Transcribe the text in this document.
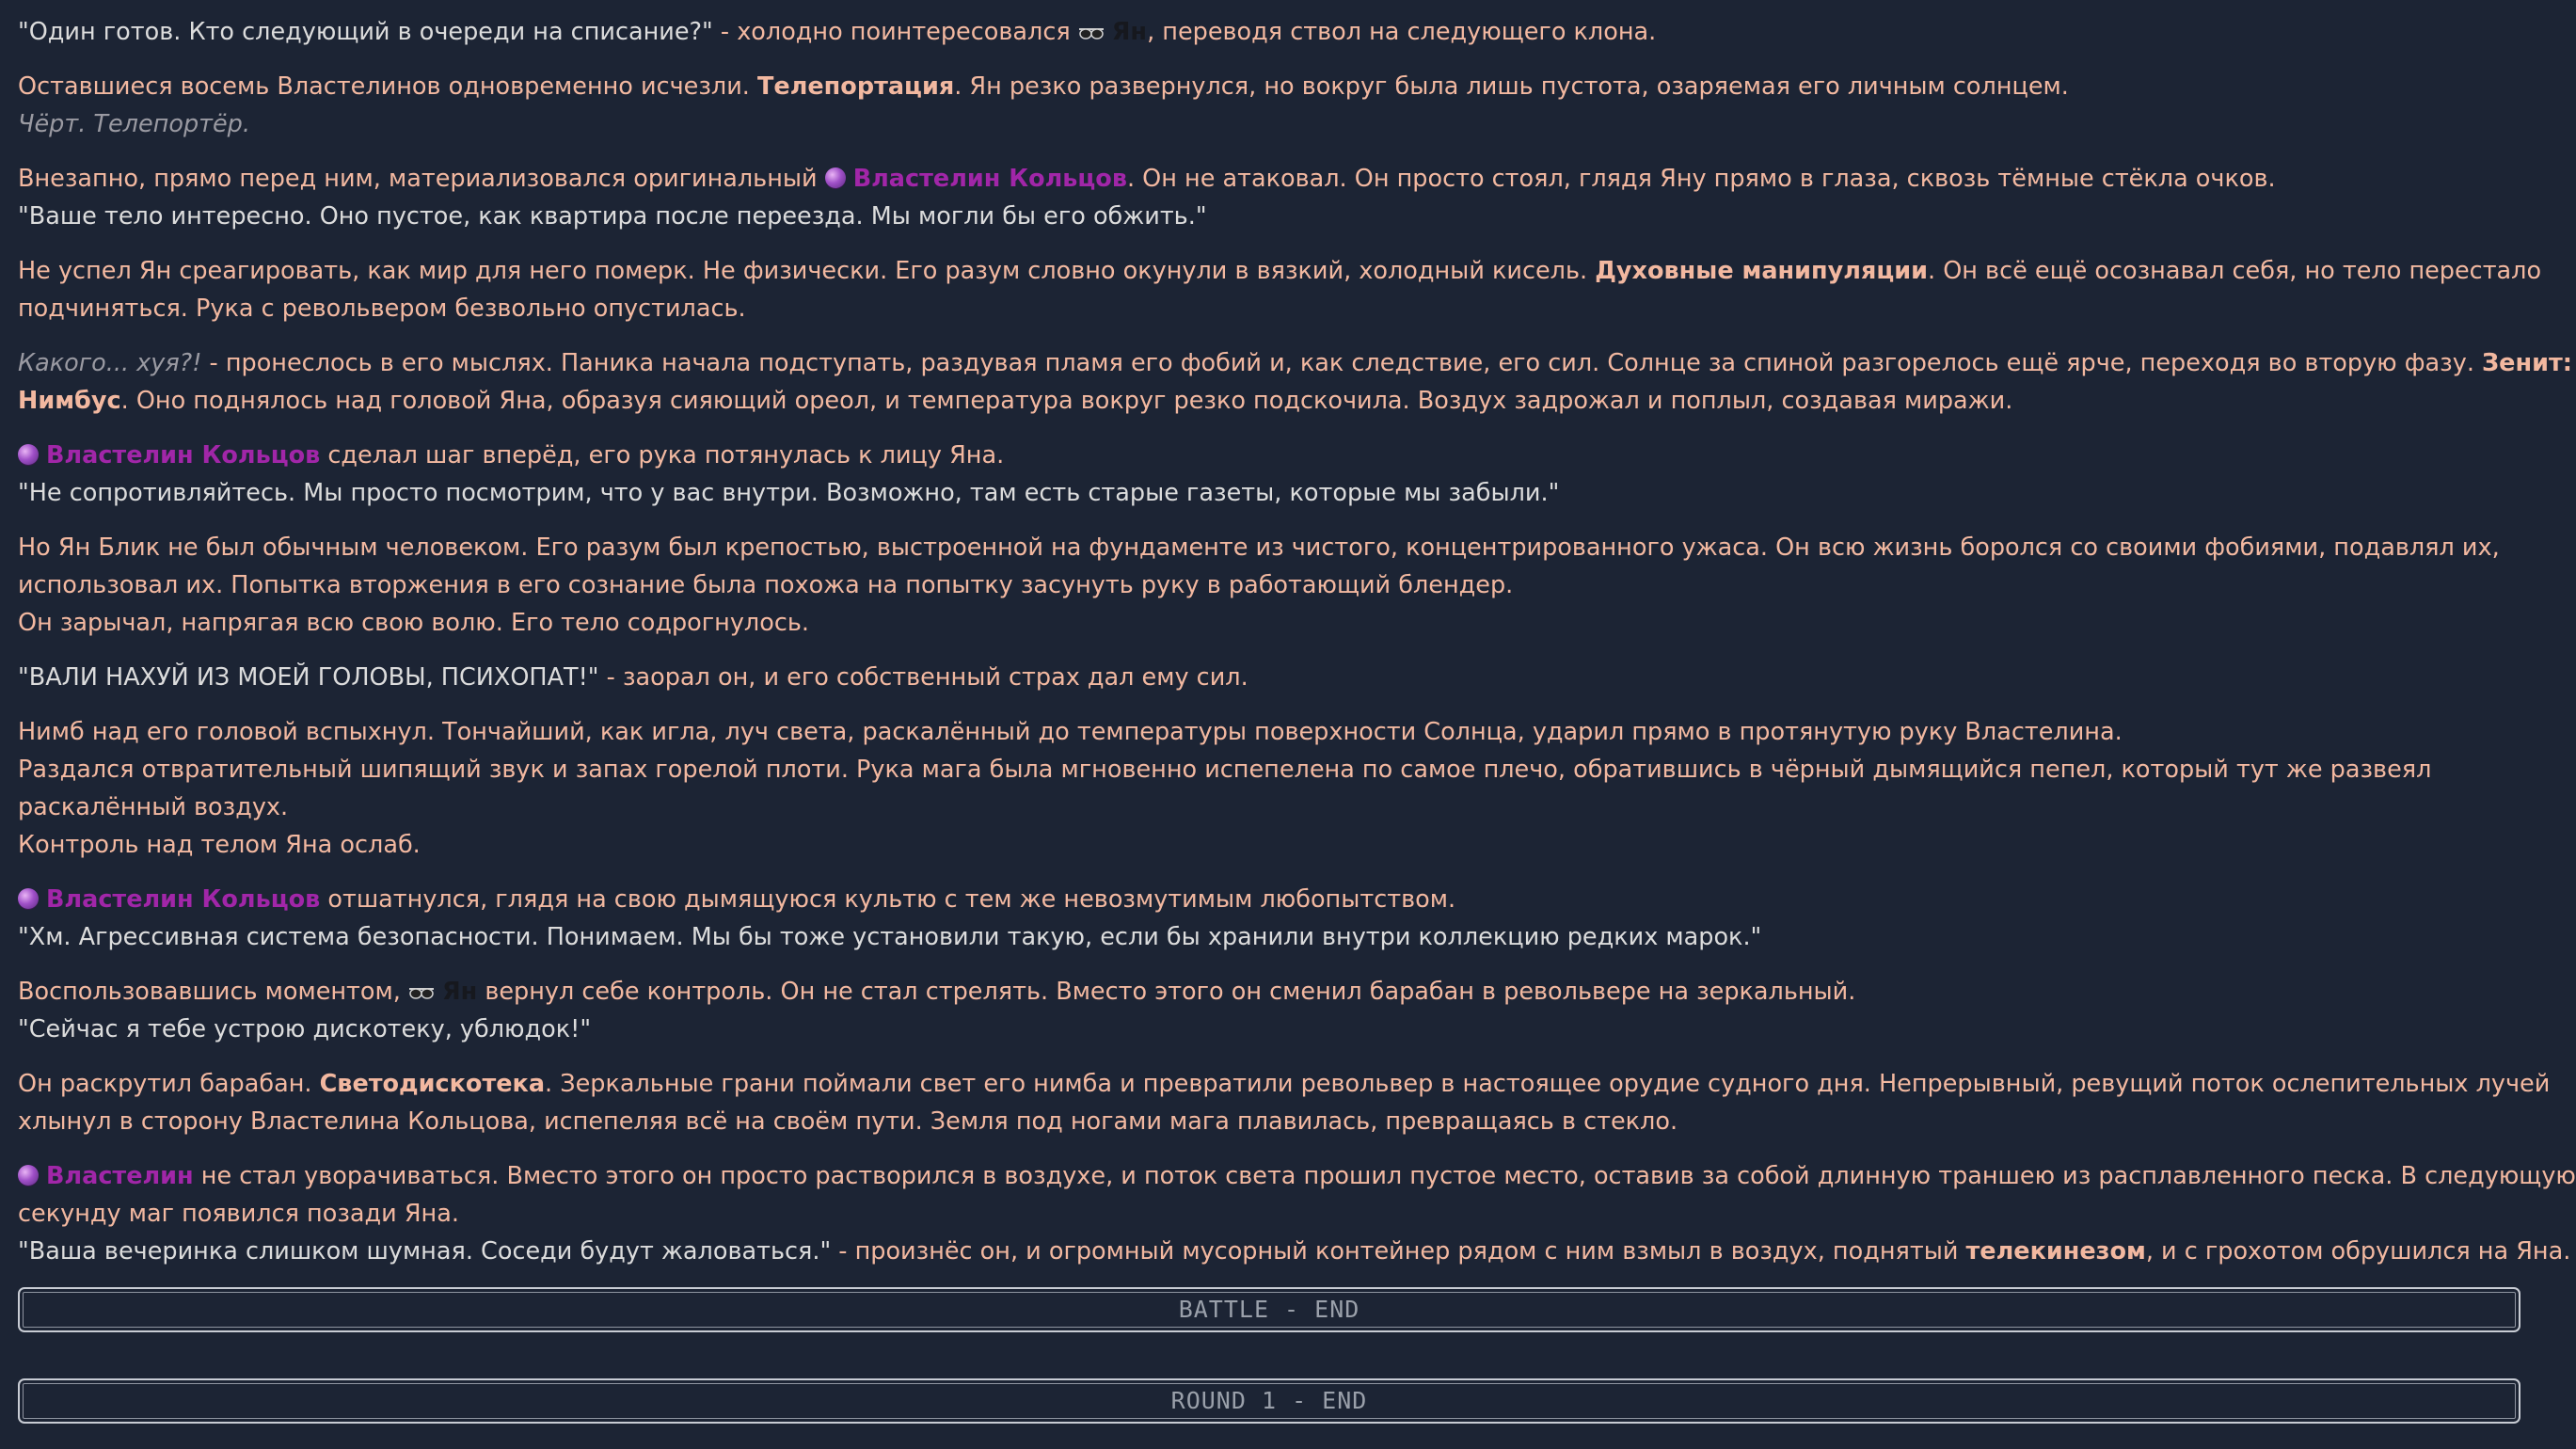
"Один готов. Кто следующий в очереди на списание?" - холодно поинтересовался Ян, переводя ствол на следующего клона.
Оставшиеся восемь Властелинов одновременно исчезли. Телепортация. Ян резко развернулся, но вокруг была лишь пустота, озаряемая его личным солнцем.
Чёрт. Телепортёр.
Внезапно, прямо перед ним, материализовался оригинальный Властелин Кольцов. Он не атаковал. Он просто стоял, глядя Яну прямо в глаза, сквозь тёмные стёкла очков.
"Ваше тело интересно. Оно пустое, как квартира после переезда. Мы могли бы его обжить."
Не успел Ян среагировать, как мир для него померк. Не физически. Его разум словно окунули в вязкий, холодный кисель. Духовные манипуляции. Он всё ещё осознавал себя, но тело перестало
подчиняться. Рука с револьвером безвольно опустилась.
Какого... хуя?! - пронеслось в его мыслях. Паника начала подступать, раздувая пламя его фобий и, как следствие, его сил. Солнце за спиной разгорелось ещё ярче, переходя во вторую фазу. Зенит:
Нимбус. Оно поднялось над головой Яна, образуя сияющий ореол, и температура вокруг резко подскочила. Воздух задрожал и поплыл, создавая миражи.
Властелин Кольцов сделал шаг вперёд, его рука потянулась к лицу Яна.
"Не сопротивляйтесь. Мы просто посмотрим, что у вас внутри. Возможно, там есть старые газеты, которые мы забыли."
Но Ян Блик не был обычным человеком. Его разум был крепостью, выстроенной на фундаменте из чистого, концентрированного ужаса. Он всю жизнь боролся со своими фобиями, подавлял их,
использовал их. Попытка вторжения в его сознание была похожа на попытку засунуть руку в работающий блендер.
Он зарычал, напрягая всю свою волю. Его тело содрогнулось.
"ВАЛИ НАХУЙ ИЗ МОЕЙ ГОЛОВЫ, ПСИХОПАТ!" - заорал он, и его собственный страх дал ему сил.
Нимб над его головой вспыхнул. Тончайший, как игла, луч света, раскалённый до температуры поверхности Солнца, ударил прямо в протянутую руку Властелина.
Раздался отвратительный шипящий звук и запах горелой плоти. Рука мага была мгновенно испепелена по самое плечо, обратившись в чёрный дымящийся пепел, который тут же развеял
раскалённый воздух.
Контроль над телом Яна ослаб.
Властелин Кольцов отшатнулся, глядя на свою дымящуюся культю с тем же невозмутимым любопытством.
"Хм. Агрессивная система безопасности. Понимаем. Мы бы тоже установили такую, если бы хранили внутри коллекцию редких марок."
Воспользовавшись моментом, Ян вернул себе контроль. Он не стал стрелять. Вместо этого он сменил барабан в револьвере на зеркальный.
"Сейчас я тебе устрою дискотеку, ублюдок!"
Он раскрутил барабан. Светодискотека. Зеркальные грани поймали свет его нимба и превратили револьвер в настоящее орудие судного дня. Непрерывный, ревущий поток ослепительных лучей
хлынул в сторону Властелина Кольцова, испепеляя всё на своём пути. Земля под ногами мага плавилась, превращаясь в стекло.
Властелин не стал уворачиваться. Вместо этого он просто растворился в воздухе, и поток света прошил пустое место, оставив за собой длинную траншею из расплавленного песка. В следующую
секунду маг появился позади Яна.
"Ваша вечеринка слишком шумная. Соседи будут жаловаться." - произнёс он, и огромный мусорный контейнер рядом с ним взмыл в воздух, поднятый телекинезом, и с грохотом обрушился на Яна.
BATTLE - END
ROUND 1 - END
